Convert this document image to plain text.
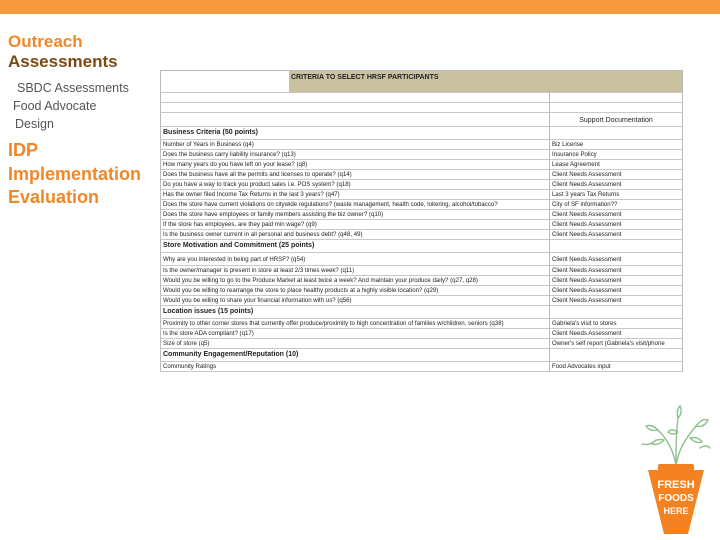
Outreach
Assessments
SBDC Assessments
Food Advocate
Design
IDP
Implementation
Evaluation
CRITERIA TO SELECT HRSF PARTICIPANTS
Support Documentation
Business Criteria (50 points)
Number of Years in Business (q4)	Biz License
Does the business carry liability insurance? (q13)	Insurance Policy
How many years do you have left on your lease? (q8)	Lease Agreement
Does the business have all the permits and licenses to operate? (q14)	Client Needs Assessment
Do you have a way to track you product sales i.e. POS system? (q18)	Client Needs Assessment
Has the owner filed Income Tax Returns in the last 3 years? (q47)	Last 3 years Tax Returns
Does the store have current violations on citywide regulations? (waste management, health code, loitering, alcohol/tobacco?	City of SF information??
Does the store have employees or family members assisting the biz owner? (q10)	Client Needs Assessment
If the store has employees, are they paid min wage? (q9)	Client Needs Assessment
Is the business owner current in all personal and business debt? (q48, 49)	Client Needs Assessment
Store Motivation and Commitment (25 points)
Why are you interested in being part of HRSF? (q54)	Client Needs Assessment
Is the owner/manager is present in store at least 2/3 times week? (q11)	Client Needs Assessment
Would you be willing to go to the Produce Market at least twice a week? And maintain your produce daily? (q27, q28)	Client Needs Assessment
Would you be willing to rearrange the store to place healthy products at a highly visible location? (q29)	Client Needs Assessment
Would you be willing to share your financial information with us? (q56)	Client Needs Assessment
Location issues (15 points)
Proximity to other corner stores that currently offer produce/proximity to high concentration of families w/children, seniors (q38)	Gabriela's visit to stores
Is the store ADA compliant? (q17)	Client Needs Assessment
Size of store (q5)	Owner's self report (Gabriela's visit/phone
Community Engagement/Reputation (10)
Community Ratings	Food Advocates input
FRESH
FOODS
HERE
